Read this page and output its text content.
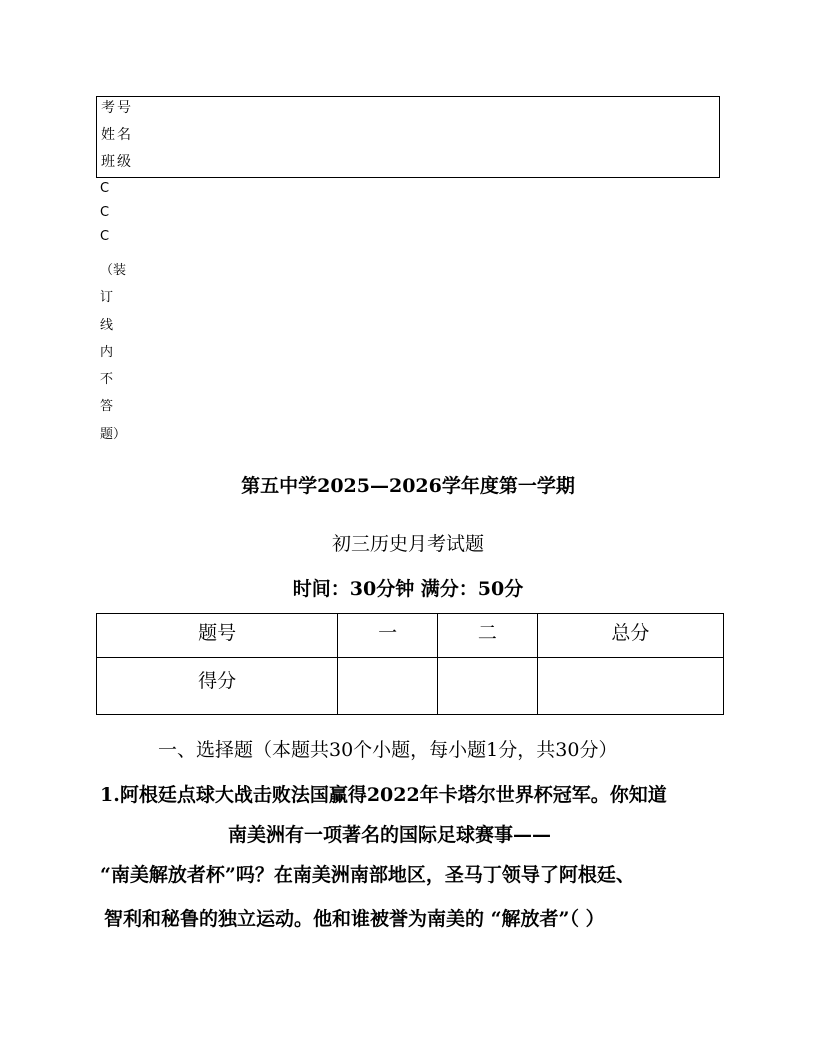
考号
姓名
班级
C
C
C
（装
订
线
内
不
答
题）
第五中学2025—2026学年度第一学期
初三历史月考试题
时间：30分钟 满分：50分
题号	一	二	总分
得分			
一、选择题（本题共30个小题，每小题1分，共30分）
1.阿根廷点球大战击败法国赢得2022年卡塔尔世界杯冠军。你知道
南美洲有一项著名的国际足球赛事——
“南美解放者杯”吗？在南美洲南部地区，圣马丁领导了阿根廷、
智利和秘鲁的独立运动。他和谁被誉为南美的 “解放者”（ ）
